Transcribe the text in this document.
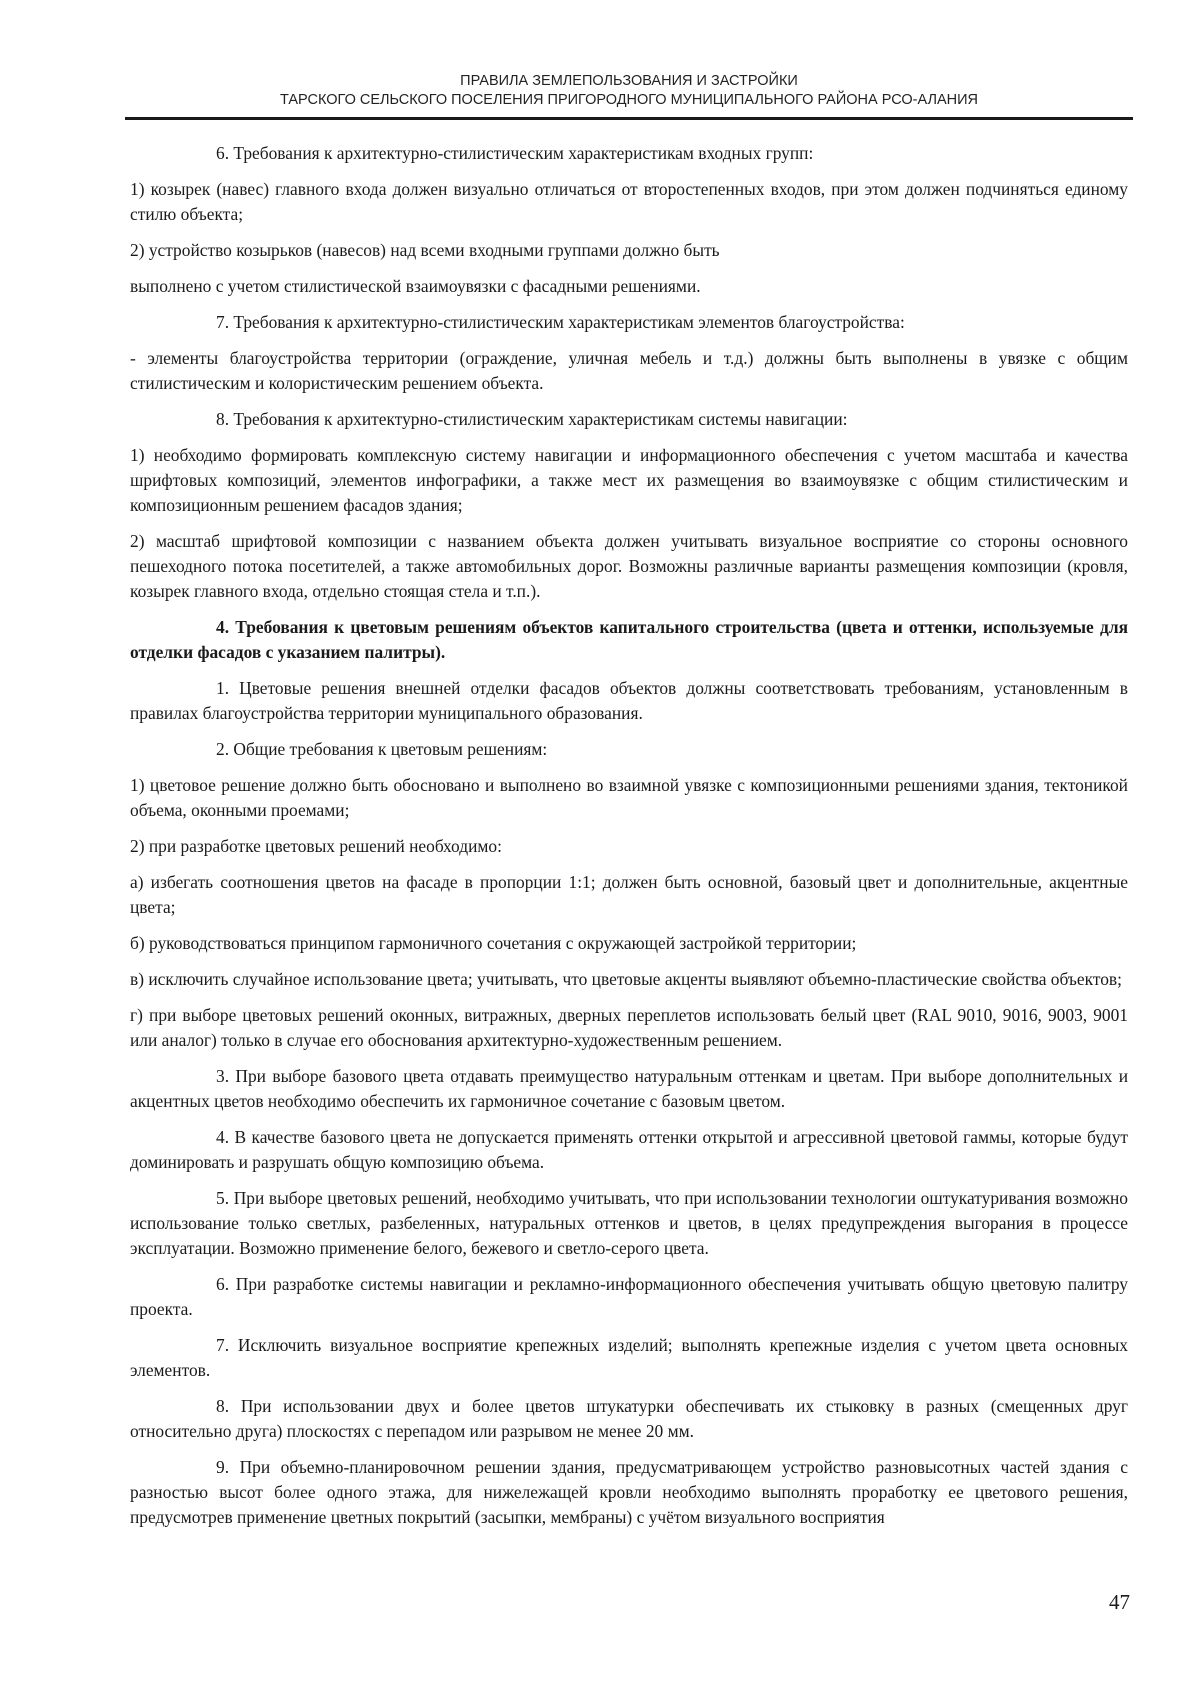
ПРАВИЛА ЗЕМЛЕПОЛЬЗОВАНИЯ И ЗАСТРОЙКИ
ТАРСКОГО СЕЛЬСКОГО ПОСЕЛЕНИЯ ПРИГОРОДНОГО МУНИЦИПАЛЬНОГО РАЙОНА РСО-АЛАНИЯ

6. Требования к архитектурно-стилистическим характеристикам входных групп:

1) козырек (навес) главного входа должен визуально отличаться от второстепенных входов, при этом должен подчиняться единому стилю объекта;

2) устройство козырьков (навесов) над всеми входными группами должно быть

выполнено с учетом стилистической взаимоувязки с фасадными решениями.

7. Требования к архитектурно-стилистическим характеристикам элементов благоустройства:

- элементы благоустройства территории (ограждение, уличная мебель и т.д.) должны быть выполнены в увязке с общим стилистическим и колористическим решением объекта.

8. Требования к архитектурно-стилистическим характеристикам системы навигации:

1) необходимо формировать комплексную систему навигации и информационного обеспечения с учетом масштаба и качества шрифтовых композиций, элементов инфографики, а также мест их размещения во взаимоувязке с общим стилистическим и композиционным решением фасадов здания;

2) масштаб шрифтовой композиции с названием объекта должен учитывать визуальное восприятие со стороны основного пешеходного потока посетителей, а также автомобильных дорог. Возможны различные варианты размещения композиции (кровля, козырек главного входа, отдельно стоящая стела и т.п.).

4. Требования к цветовым решениям объектов капитального строительства (цвета и оттенки, используемые для отделки фасадов с указанием палитры).

1. Цветовые решения внешней отделки фасадов объектов должны соответствовать требованиям, установленным в правилах благоустройства территории муниципального образования.

2. Общие требования к цветовым решениям:

1) цветовое решение должно быть обосновано и выполнено во взаимной увязке с композиционными решениями здания, тектоникой объема, оконными проемами;

2) при разработке цветовых решений необходимо:

а) избегать соотношения цветов на фасаде в пропорции 1:1; должен быть основной, базовый цвет и дополнительные, акцентные цвета;

б) руководствоваться принципом гармоничного сочетания с окружающей застройкой территории;

в) исключить случайное использование цвета; учитывать, что цветовые акценты выявляют объемно-пластические свойства объектов;

г) при выборе цветовых решений оконных, витражных, дверных переплетов использовать белый цвет (RAL 9010, 9016, 9003, 9001 или аналог) только в случае его обоснования архитектурно-художественным решением.

3. При выборе базового цвета отдавать преимущество натуральным оттенкам и цветам. При выборе дополнительных и акцентных цветов необходимо обеспечить их гармоничное сочетание с базовым цветом.

4. В качестве базового цвета не допускается применять оттенки открытой и агрессивной цветовой гаммы, которые будут доминировать и разрушать общую композицию объема.

5. При выборе цветовых решений, необходимо учитывать, что при использовании технологии оштукатуривания возможно использование только светлых, разбеленных, натуральных оттенков и цветов, в целях предупреждения выгорания в процессе эксплуатации. Возможно применение белого, бежевого и светло-серого цвета.

6. При разработке системы навигации и рекламно-информационного обеспечения учитывать общую цветовую палитру проекта.

7. Исключить визуальное восприятие крепежных изделий; выполнять крепежные изделия с учетом цвета основных элементов.

8. При использовании двух и более цветов штукатурки обеспечивать их стыковку в разных (смещенных друг относительно друга) плоскостях с перепадом или разрывом не менее 20 мм.

9. При объемно-планировочном решении здания, предусматривающем устройство разновысотных частей здания с разностью высот более одного этажа, для нижележащей кровли необходимо выполнять проработку ее цветового решения, предусмотрев применение цветных покрытий (засыпки, мембраны) с учётом визуального восприятия

47
